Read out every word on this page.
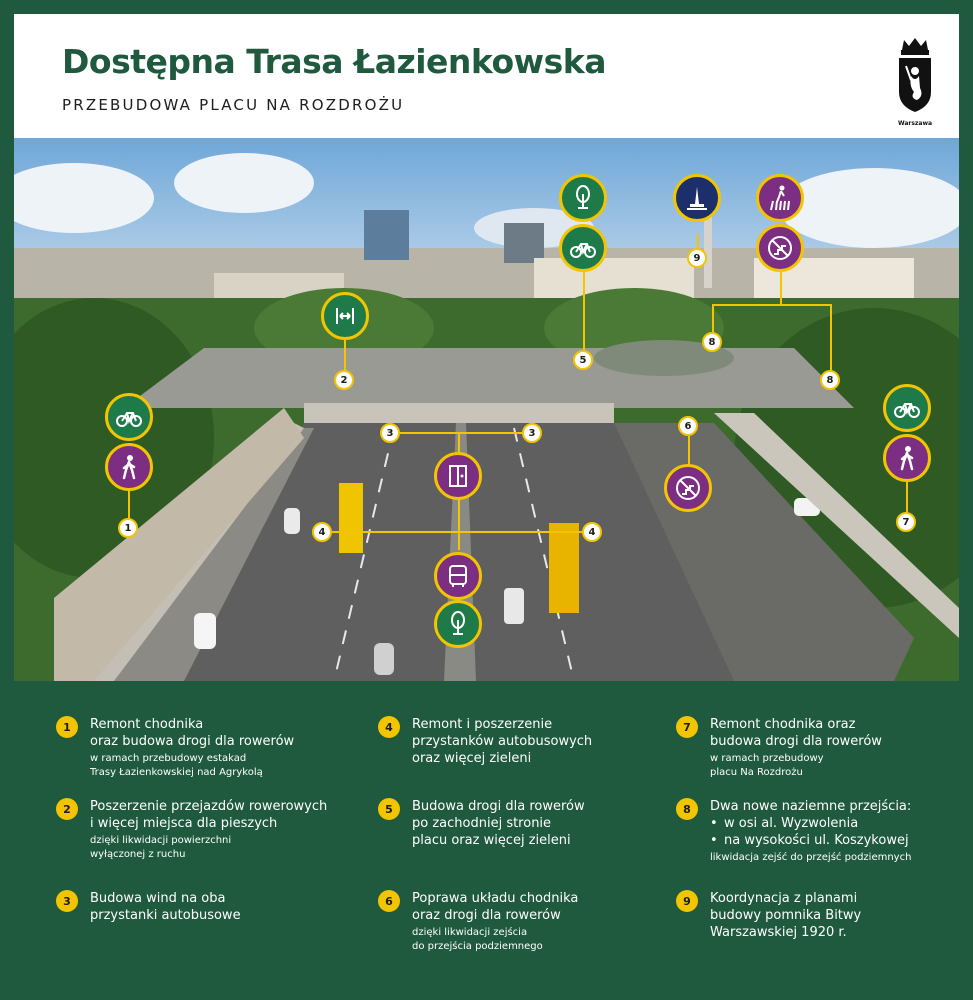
Dostępna Trasa Łazienkowska
PRZEBUDOWA PLACU NA ROZDROŻU
Warszawa
1
2
3	3
4	4
5
6
7
8
8
9
1	Remont chodnika
oraz budowa drogi dla rowerów
w ramach przebudowy estakad
Trasy Łazienkowskiej nad Agrykolą
2	Poszerzenie przejazdów rowerowych
i więcej miejsca dla pieszych
dzięki likwidacji powierzchni
wyłączonej z ruchu
3	Budowa wind na oba
przystanki autobusowe
4	Remont i poszerzenie
przystanków autobusowych
oraz więcej zieleni
5	Budowa drogi dla rowerów
po zachodniej stronie
placu oraz więcej zieleni
6	Poprawa układu chodnika
oraz drogi dla rowerów
dzięki likwidacji zejścia
do przejścia podziemnego
7	Remont chodnika oraz
budowa drogi dla rowerów
w ramach przebudowy
placu Na Rozdrożu
8	Dwa nowe naziemne przejścia:
• w osi al. Wyzwolenia
• na wysokości ul. Koszykowej
likwidacja zejść do przejść podziemnych
9	Koordynacja z planami
budowy pomnika Bitwy
Warszawskiej 1920 r.
